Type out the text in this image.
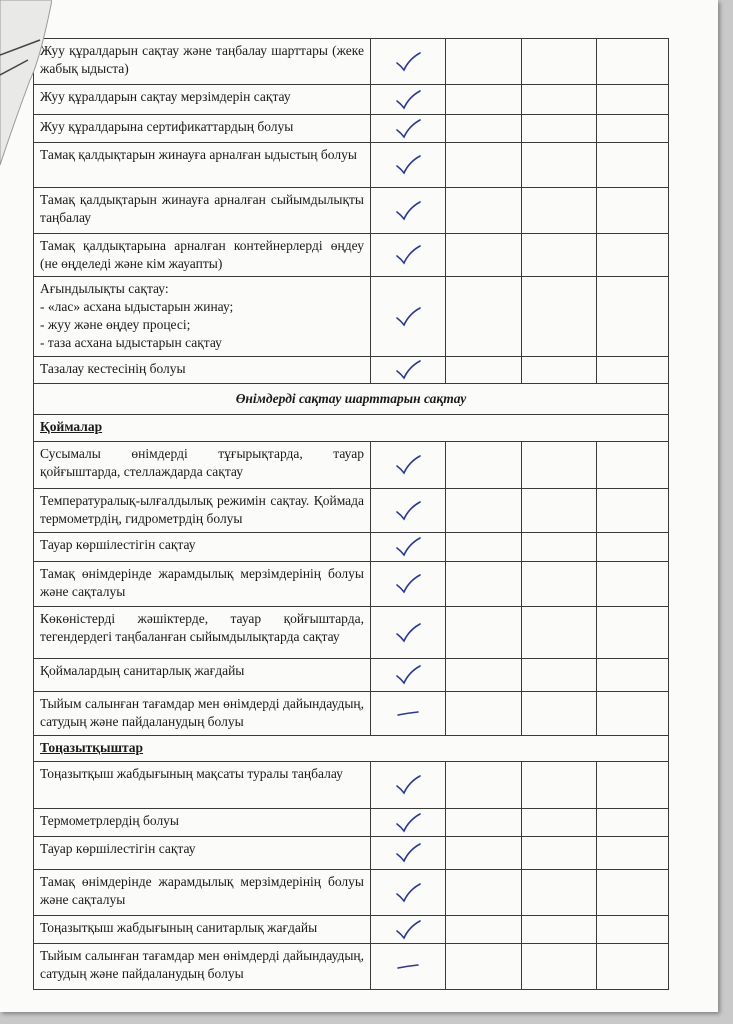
Жуу құралдарын сақтау және таңбалау шарттары (жеке жабық ыдыста)				
Жуу құралдарын сақтау мерзімдерін сақтау				
Жуу құралдарына сертификаттардың болуы				
Тамақ қалдықтарын жинауға арналған ыдыстың болуы				
Тамақ қалдықтарын жинауға арналған сыйымдылықты таңбалау				
Тамақ қалдықтарына арналған контейнерлерді өңдеу (не өңделеді және кім жауапты)				
Ағындылықты сақтау:
- «лас» асхана ыдыстарын жинау;
- жуу және өңдеу процесі;
- таза асхана ыдыстарын сақтау				
Тазалау кестесінің болуы				
Өнімдерді сақтау шарттарын сақтау				
Қоймалар				
Сусымалы өнімдерді тұғырықтарда, тауар қойғыштарда, стеллаждарда сақтау				
Температуралық-ылғалдылық режимін сақтау. Қоймада термометрдің, гидрометрдің болуы				
Тауар көршілестігін сақтау				
Тамақ өнімдерінде жарамдылық мерзімдерінің болуы және сақталуы				
Көкөністерді жәшіктерде, тауар қойғыштарда, тегендердегі таңбаланған сыйымдылықтарда сақтау				
Қоймалардың санитарлық жағдайы				
Тыйым салынған тағамдар мен өнімдерді дайындаудың, сатудың және пайдаланудың болуы				
Тоңазытқыштар				
Тоңазытқыш жабдығының мақсаты туралы таңбалау				
Термометрлердің болуы				
Тауар көршілестігін сақтау				
Тамақ өнімдерінде жарамдылық мерзімдерінің болуы және сақталуы				
Тоңазытқыш жабдығының санитарлық жағдайы				
Тыйым салынған тағамдар мен өнімдерді дайындаудың, сатудың және пайдаланудың болуы				
